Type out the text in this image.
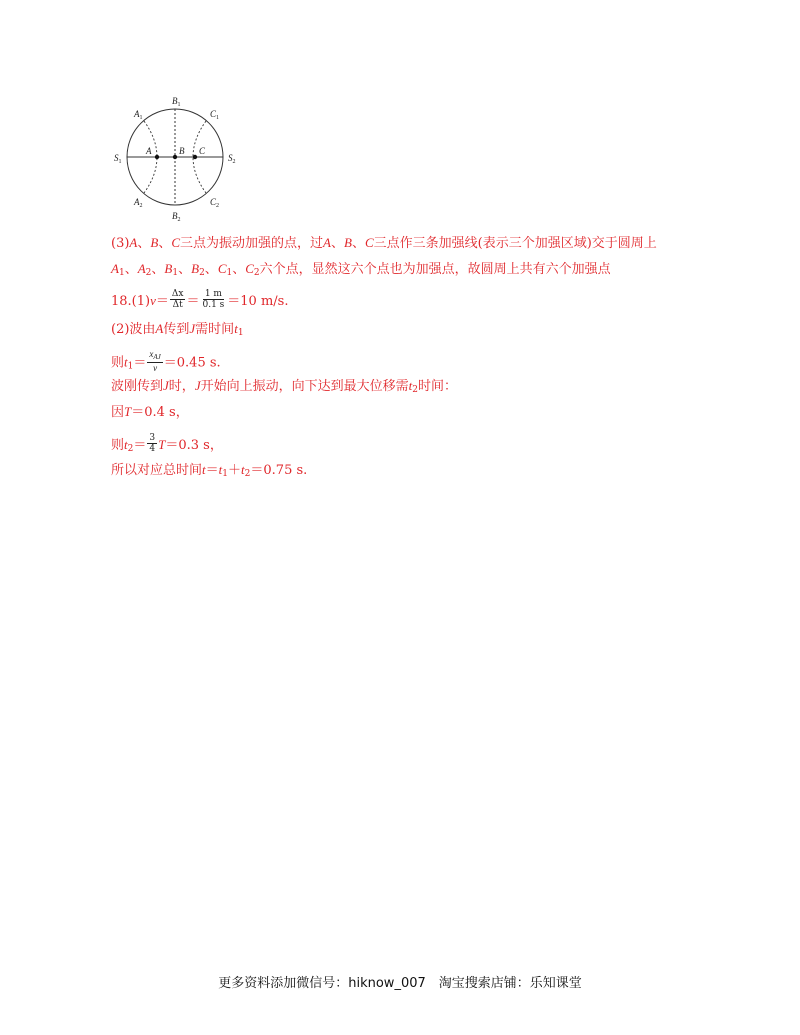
$A_1$
$B_1$
$C_1$
$S_1$
A	B C
$S_2$
$A_2$
$B_2$
$C_2$
(3)A、B、C三点为振动加强的点，过A、B、C三点作三条加强线(表示三个加强区域)交于圆周上
$A_1$、$A_2$、$B_1$、$B_2$、$C_1$、$C_2$六个点，显然这六个点也为加强点，故圆周上共有六个加强点
$18.(1)v= \frac{\Delta x}{\Delta t} = \frac{1 m}{0.1 s} =10$ m/s.
(2)波由A传到J需时间$t_1$
则$t_1= \frac{x_{AJ}}{v} =0.45$ s.
波刚传到J时，J开始向上振动，向下达到最大位移需$t_2$时间：
因T＝0.4 s，
则$t_2= \frac{3}{4} T=0.3$ s，
所以对应总时间$t=t_1+t_2=0.75$ s.
更多资料添加微信号：hiknow_007　淘宝搜索店铺：乐知课堂
